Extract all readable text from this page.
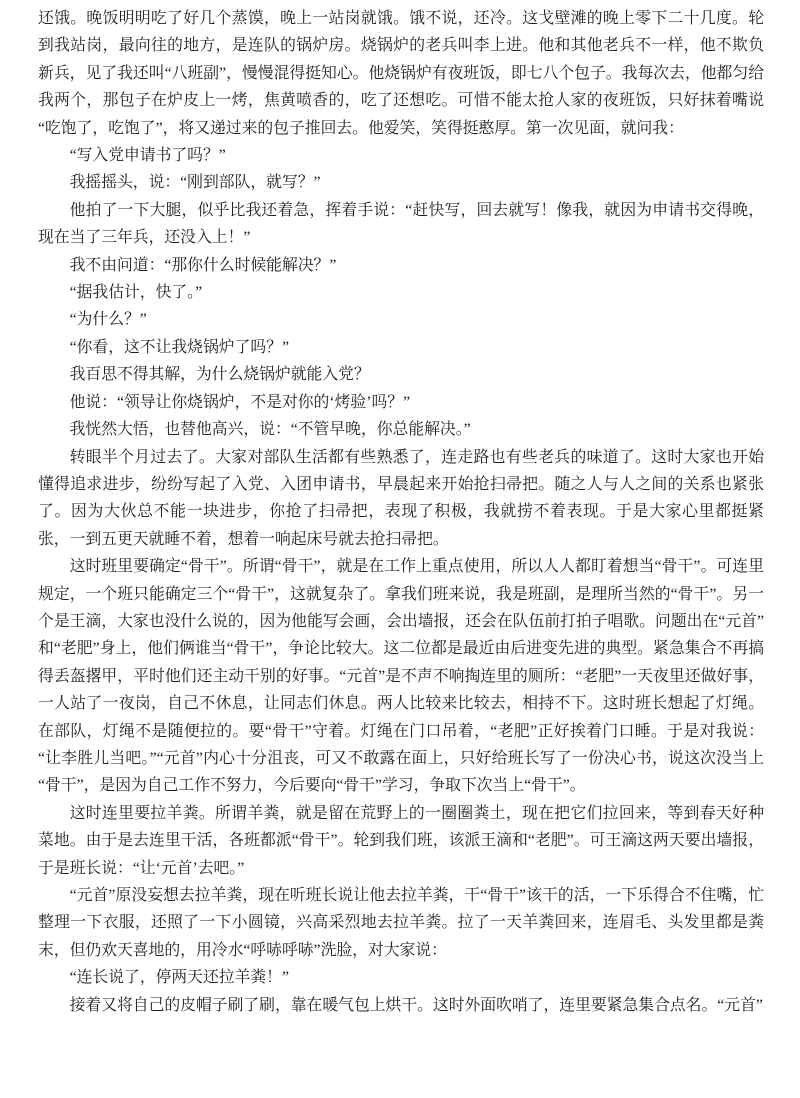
还饿。晚饭明明吃了好几个蒸馍，晚上一站岗就饿。饿不说，还冷。这戈壁滩的晚上零下二十几度。轮到我站岗，最向往的地方，是连队的锅炉房。烧锅炉的老兵叫李上进。他和其他老兵不一样，他不欺负新兵，见了我还叫“八班副”，慢慢混得挺知心。他烧锅炉有夜班饭，即七八个包子。我每次去，他都匀给我两个，那包子在炉皮上一烤，焦黄喷香的，吃了还想吃。可惜不能太抢人家的夜班饭，只好抹着嘴说“吃饱了，吃饱了”，将又递过来的包子推回去。他爱笑，笑得挺憨厚。第一次见面，就问我：

“写入党申请书了吗？”

我摇摇头，说：“刚到部队，就写？”

他拍了一下大腿，似乎比我还着急，挥着手说：“赶快写，回去就写！像我，就因为申请书交得晚，现在当了三年兵，还没入上！”

我不由问道：“那你什么时候能解决？”

“据我估计，快了。”

“为什么？”

“你看，这不让我烧锅炉了吗？”

我百思不得其解，为什么烧锅炉就能入党？

他说：“领导让你烧锅炉，不是对你的‘烤验’吗？”

我恍然大悟，也替他高兴，说：“不管早晚，你总能解决。”

转眼半个月过去了。大家对部队生活都有些熟悉了，连走路也有些老兵的味道了。这时大家也开始懂得追求进步，纷纷写起了入党、入团申请书，早晨起来开始抢扫帚把。随之人与人之间的关系也紧张了。因为大伙总不能一块进步，你抢了扫帚把，表现了积极，我就捞不着表现。于是大家心里都挺紧张，一到五更天就睡不着，想着一响起床号就去抢扫帚把。

这时班里要确定“骨干”。所谓“骨干”，就是在工作上重点使用，所以人人都盯着想当“骨干”。可连里规定，一个班只能确定三个“骨干”，这就复杂了。拿我们班来说，我是班副，是理所当然的“骨干”。另一个是王滴，大家也没什么说的，因为他能写会画，会出墙报，还会在队伍前打拍子唱歌。问题出在“元首”和“老肥”身上，他们俩谁当“骨干”，争论比较大。这二位都是最近由后进变先进的典型。紧急集合不再搞得丢盔撂甲，平时他们还主动干别的好事。“元首”是不声不响掏连里的厕所：“老肥”一天夜里还做好事，一人站了一夜岗，自己不休息，让同志们休息。两人比较来比较去，相持不下。这时班长想起了灯绳。在部队，灯绳不是随便拉的。要“骨干”守着。灯绳在门口吊着，“老肥”正好挨着门口睡。于是对我说：“让李胜儿当吧。”“元首”内心十分沮丧，可又不敢露在面上，只好给班长写了一份决心书，说这次没当上“骨干”，是因为自己工作不努力，今后要向“骨干”学习，争取下次当上“骨干”。

这时连里要拉羊粪。所谓羊粪，就是留在荒野上的一圈圈粪土，现在把它们拉回来，等到春天好种菜地。由于是去连里干活，各班都派“骨干”。轮到我们班，该派王滴和“老肥”。可王滴这两天要出墙报，于是班长说：“让‘元首’去吧。”

“元首”原没妄想去拉羊粪，现在听班长说让他去拉羊粪，干“骨干”该干的活，一下乐得合不住嘴，忙整理一下衣服，还照了一下小圆镜，兴高采烈地去拉羊粪。拉了一天羊粪回来，连眉毛、头发里都是粪末，但仍欢天喜地的，用冷水“呼哧呼哧”洗脸，对大家说：

“连长说了，停两天还拉羊粪！”

接着又将自己的皮帽子刷了刷，靠在暖气包上烘干。这时外面吹哨了，连里要紧急集合点名。“元首”
